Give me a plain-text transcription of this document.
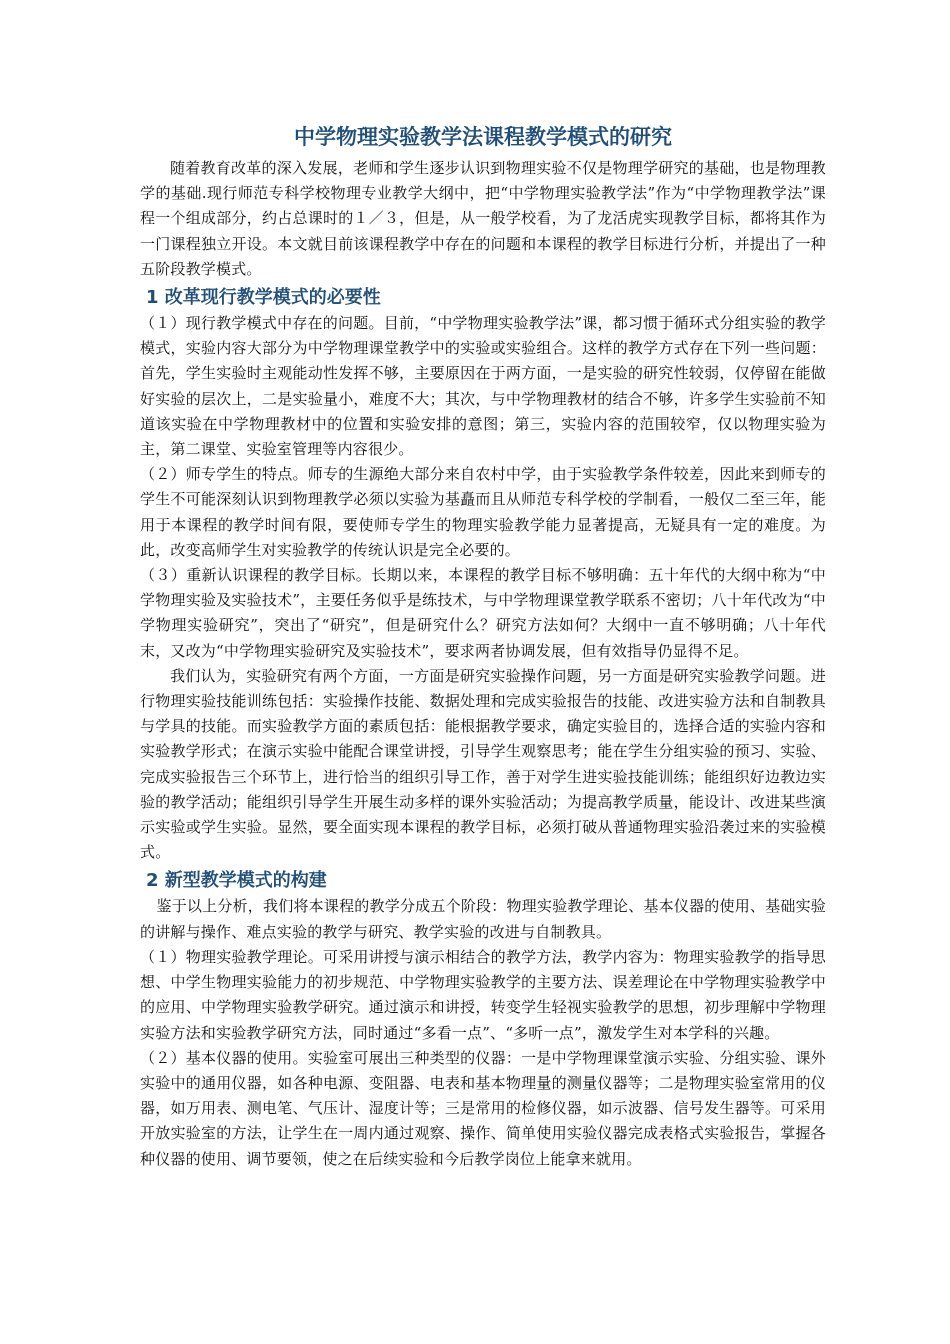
中学物理实验教学法课程教学模式的研究

随着教育改革的深入发展，老师和学生逐步认识到物理实验不仅是物理学研究的基础，也是物理教学的基础.现行师范专科学校物理专业教学大纲中，把“中学物理实验教学法”作为“中学物理教学法”课程一个组成部分，约占总课时的１／３，但是，从一般学校看，为了龙活虎实现教学目标，都将其作为一门课程独立开设。本文就目前该课程教学中存在的问题和本课程的教学目标进行分析，并提出了一种五阶段教学模式。

1 改革现行教学模式的必要性

（１）现行教学模式中存在的问题。目前，“中学物理实验教学法”课，都习惯于循环式分组实验的教学模式，实验内容大部分为中学物理课堂教学中的实验或实验组合。这样的教学方式存在下列一些问题：首先，学生实验时主观能动性发挥不够，主要原因在于两方面，一是实验的研究性较弱，仅停留在能做好实验的层次上，二是实验量小，难度不大；其次，与中学物理教材的结合不够，许多学生实验前不知道该实验在中学物理教材中的位置和实验安排的意图；第三，实验内容的范围较窄，仅以物理实验为主，第二课堂、实验室管理等内容很少。

（２）师专学生的特点。师专的生源绝大部分来自农村中学，由于实验教学条件较差，因此来到师专的学生不可能深刻认识到物理教学必须以实验为基矗而且从师范专科学校的学制看，一般仅二至三年，能用于本课程的教学时间有限，要使师专学生的物理实验教学能力显著提高，无疑具有一定的难度。为此，改变高师学生对实验教学的传统认识是完全必要的。

（３）重新认识课程的教学目标。长期以来，本课程的教学目标不够明确：五十年代的大纲中称为“中学物理实验及实验技术”，主要任务似乎是练技术，与中学物理课堂教学联系不密切；八十年代改为“中学物理实验研究”，突出了“研究”，但是研究什么？研究方法如何？大纲中一直不够明确；八十年代末，又改为“中学物理实验研究及实验技术”，要求两者协调发展，但有效指导仍显得不足。

我们认为，实验研究有两个方面，一方面是研究实验操作问题，另一方面是研究实验教学问题。进行物理实验技能训练包括：实验操作技能、数据处理和完成实验报告的技能、改进实验方法和自制教具与学具的技能。而实验教学方面的素质包括：能根据教学要求，确定实验目的，选择合适的实验内容和实验教学形式；在演示实验中能配合课堂讲授，引导学生观察思考；能在学生分组实验的预习、实验、完成实验报告三个环节上，进行恰当的组织引导工作，善于对学生进实验技能训练；能组织好边教边实验的教学活动；能组织引导学生开展生动多样的课外实验活动；为提高教学质量，能设计、改进某些演示实验或学生实验。显然，要全面实现本课程的教学目标，必须打破从普通物理实验沿袭过来的实验模式。

2 新型教学模式的构建

鉴于以上分析，我们将本课程的教学分成五个阶段：物理实验教学理论、基本仪器的使用、基础实验的讲解与操作、难点实验的教学与研究、教学实验的改进与自制教具。

（１）物理实验教学理论。可采用讲授与演示相结合的教学方法，教学内容为：物理实验教学的指导思想、中学生物理实验能力的初步规范、中学物理实验教学的主要方法、误差理论在中学物理实验教学中的应用、中学物理实验教学研究。通过演示和讲授，转变学生轻视实验教学的思想，初步理解中学物理实验方法和实验教学研究方法，同时通过“多看一点”、“多听一点”，激发学生对本学科的兴趣。

（２）基本仪器的使用。实验室可展出三种类型的仪器：一是中学物理课堂演示实验、分组实验、课外实验中的通用仪器，如各种电源、变阻器、电表和基本物理量的测量仪器等；二是物理实验室常用的仪器，如万用表、测电笔、气压计、湿度计等；三是常用的检修仪器，如示波器、信号发生器等。可采用开放实验室的方法，让学生在一周内通过观察、操作、简单使用实验仪器完成表格式实验报告，掌握各种仪器的使用、调节要领，使之在后续实验和今后教学岗位上能拿来就用。
